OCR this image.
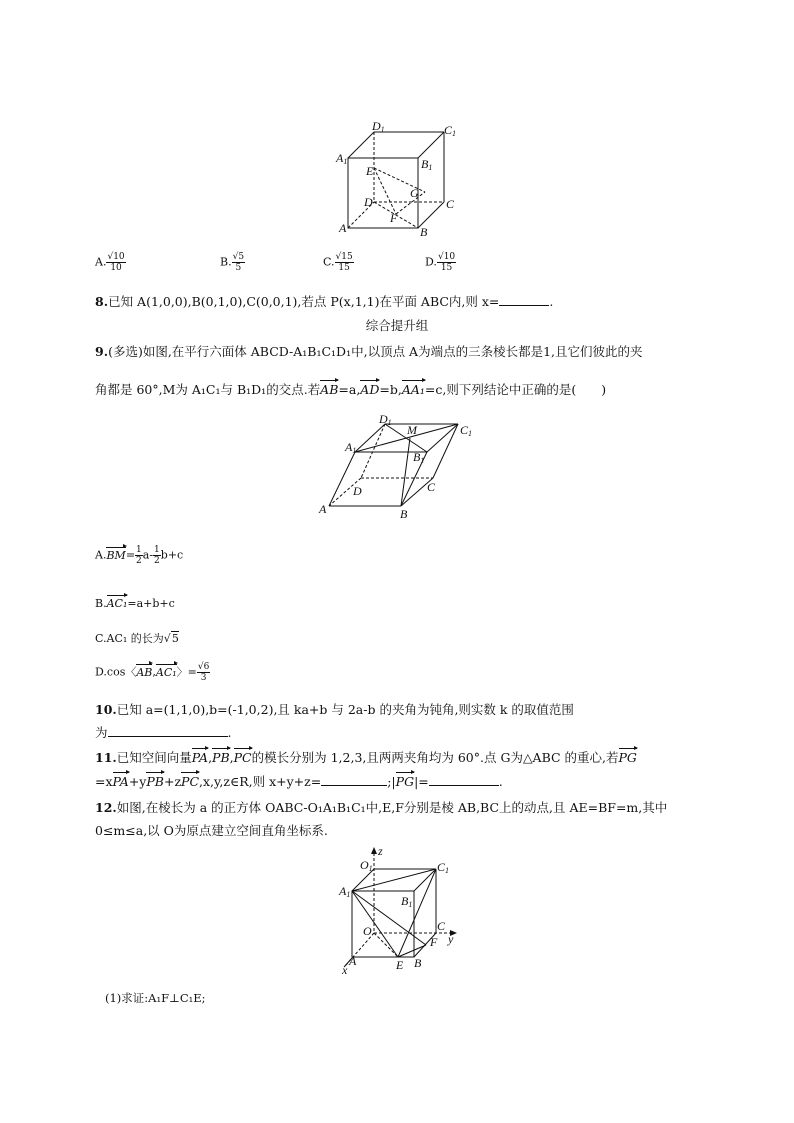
D1	C1
A1	B1
E
G
D	C
F
A	B
A. $\frac{√10}{10}$	B. $\frac{√5}{5}$	C. $\frac{√15}{15}$	D. $\frac{√10}{15}$
8.已知 A(1,0,0),B(0,1,0),C(0,0,1),若点 P(x,1,1)在平面 ABC内,则 x=	.
综合提升组
9.(多选)如图,在平行六面体 ABCD-A₁B₁C₁D₁中,以顶点 A为端点的三条棱长都是1,且它们彼此的夹
角都是 60°,M为 A₁C₁与 B₁D₁的交点.若AB=a,AD=b,AA₁=c,则下列结论中正确的是(　　)
D1
M	C1
A1	B1
D	C
A	B
$A.BM= \frac{1}{2} a- \frac{1}{2} b+c$
B.AC₁=a+b+c
C.AC₁ 的长为√5
D.cos〈AB,AC₁〉= $\frac{√6}{3}$
10.已知 a=(1,1,0),b=(-1,0,2),且 ka+b 与 2a-b 的夹角为钝角,则实数 k 的取值范围
为	.
11.已知空间向量PA,PB,PC的模长分别为 1,2,3,且两两夹角均为 60°.点 G为△ABC 的重心,若PG
=xPA+yPB+zPC,x,y,z∈R,则 x+y+z=	;|PG|=	.
12.如图,在棱长为 a 的正方体 OABC-O₁A₁B₁C₁中,E,F分别是棱 AB,BC上的动点,且 AE=BF=m,其中
0≤m≤a,以 O为原点建立空间直角坐标系.
z
O1	C1
A1	B1
O	C
F y
A	E B
x
(1)求证:A₁F⊥C₁E;
